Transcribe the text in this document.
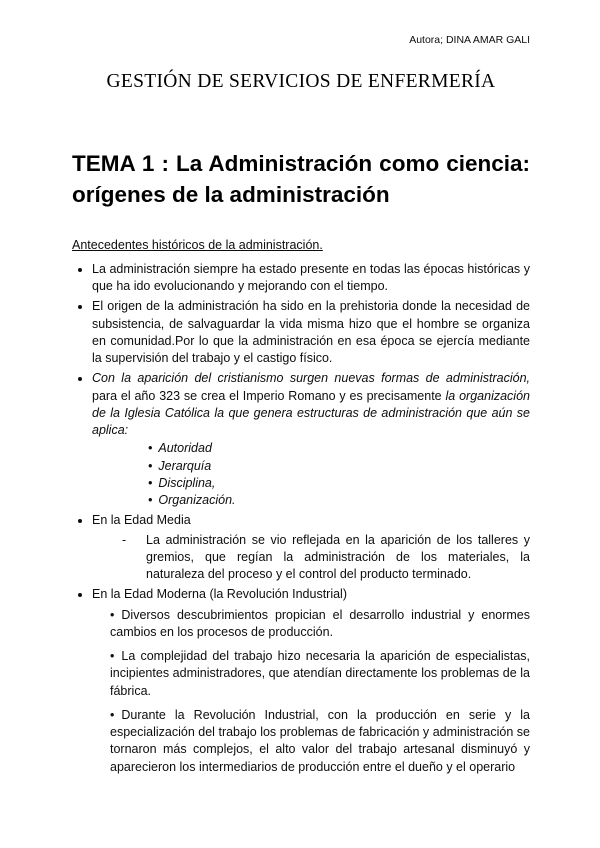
Autora; DINA AMAR GALI
GESTIÓN DE SERVICIOS DE ENFERMERÍA
TEMA 1 : La Administración como ciencia:
orígenes de la administración
Antecedentes históricos de la administración.
• La administración siempre ha estado presente en todas las épocas históricas y que ha ido evolucionando y mejorando con el tiempo.
• El origen de la administración ha sido en la prehistoria donde la necesidad de subsistencia, de salvaguardar la vida misma hizo que el hombre se organiza en comunidad.Por lo que la administración en esa época se ejercía mediante la supervisión del trabajo y el castigo físico.
• Con la aparición del cristianismo surgen nuevas formas de administración, para el año 323 se crea el Imperio Romano y es precisamente la organización de la Iglesia Católica la que genera estructuras de administración que aún se aplica:
• Autoridad
• Jerarquía
• Disciplina,
• Organización.
• En la Edad Media
-	La administración se vio reflejada en la aparición de los talleres y gremios, que regían la administración de los materiales, la naturaleza del proceso y el control del producto terminado.
• En la Edad Moderna (la Revolución Industrial)

• Diversos descubrimientos propician el desarrollo industrial y enormes cambios en los procesos de producción.

• La complejidad del trabajo hizo necesaria la aparición de especialistas, incipientes administradores, que atendían directamente los problemas de la fábrica.

• Durante la Revolución Industrial, con la producción en serie y la especialización del trabajo los problemas de fabricación y administración se tornaron más complejos, el alto valor del trabajo artesanal disminuyó y aparecieron los intermediarios de producción entre el dueño y el operario
